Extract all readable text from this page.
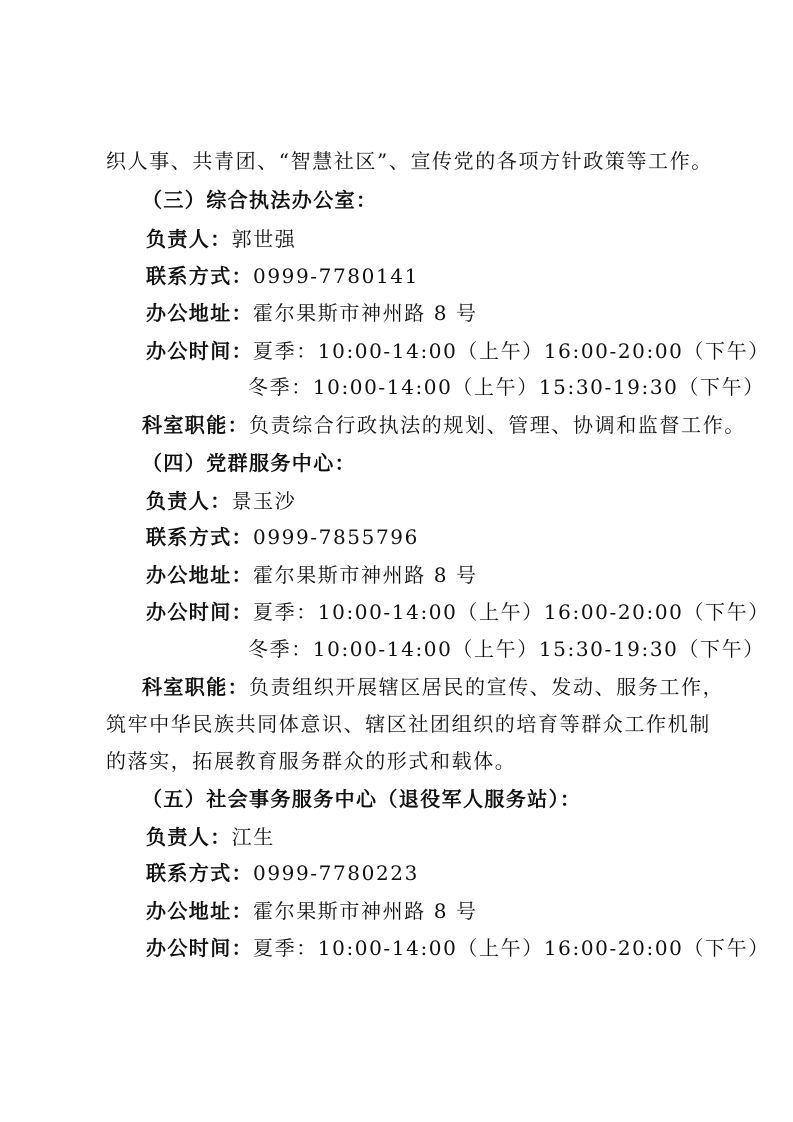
织人事、共青团、“智慧社区”、宣传党的各项方针政策等工作。
（三）综合执法办公室：
负责人：郭世强
联系方式：0999-7780141
办公地址：霍尔果斯市神州路 8 号
办公时间：夏季：10:00-14:00（上午）16:00-20:00（下午）
冬季：10:00-14:00（上午）15:30-19:30（下午）
科室职能：负责综合行政执法的规划、管理、协调和监督工作。
（四）党群服务中心：
负责人：景玉沙
联系方式：0999-7855796
办公地址：霍尔果斯市神州路 8 号
办公时间：夏季：10:00-14:00（上午）16:00-20:00（下午）
冬季：10:00-14:00（上午）15:30-19:30（下午）
科室职能：负责组织开展辖区居民的宣传、发动、服务工作，
筑牢中华民族共同体意识、辖区社团组织的培育等群众工作机制
的落实，拓展教育服务群众的形式和载体。
（五）社会事务服务中心（退役军人服务站）：
负责人：江生
联系方式：0999-7780223
办公地址：霍尔果斯市神州路 8 号
办公时间：夏季：10:00-14:00（上午）16:00-20:00（下午）
